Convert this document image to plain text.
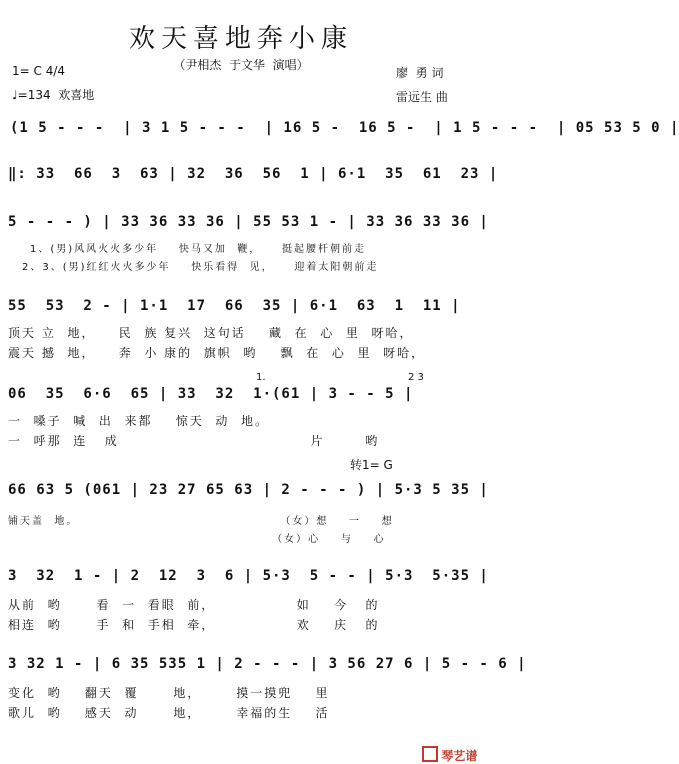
欢天喜地奔小康
（尹相杰  于文华  演唱）
1= C 4/4
♩=134  欢喜地
廖  勇 词
雷远生 曲
(1 5 - - -  | 3 1 5 - - -  | 16 5 -  16 5 -  | 1 5 - - -  | 05 53 5 0 |
‖: 33  66  3  63 | 32  36  56  1 | 6·1  35  61  23 |
5 - - - ) | 33 36 33 36 | 55 53 1 - | 33 36 33 36 |
1、(男)风风火火多少年    快马又加  鞭，    挺起腰杆朝前走
2、3、(男)红红火火多少年    快乐看得  见，    迎着太阳朝前走
55  53  2 - | 1·1  17  66  35 | 6·1  63  1  11 |
顶天 立  地，    民  族 复兴  这句话    藏  在  心  里  呀哈，
震天 撼  地，    奔  小 康的  旗帜  哟    飘  在  心  里  呀哈，
1.	2 3
06  35  6·6  65 | 33  32  1·(61 | 3 - - 5 |
一  嗓子  喊  出  来都    惊天  动  地。
一  呼那  连   成                                 片       哟
转1= G
66 63 5 (061 | 23 27 65 63 | 2 - - - ) | 5·3 5 35 |
铺天盖  地。                                       （女）想    一    想
（女）心    与    心
3  32  1 - | 2  12  3  6 | 5·3  5 - - | 5·3  5·35 |
从前  哟      看  一  看眼  前，              如    今   的
相连  哟      手  和  手相  牵，              欢    庆   的
3 32 1 - | 6 35 535 1 | 2 - - - | 3 56 27 6 | 5 - - 6 |
变化  哟    翻天  覆      地，      摸一摸兜    里
歌儿  哟    感天  动      地，      幸福的生    活

琴艺谱
